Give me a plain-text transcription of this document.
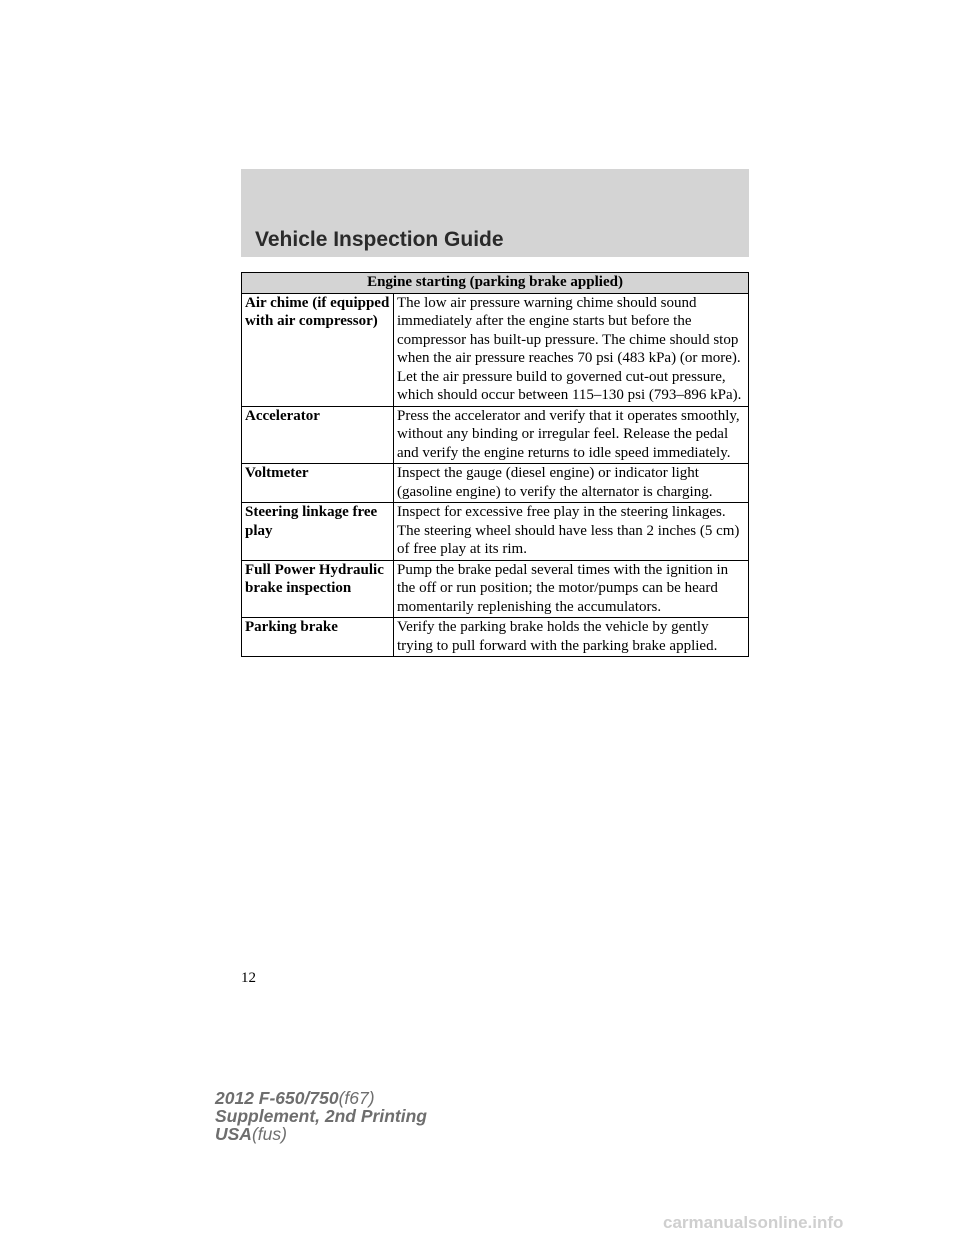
Vehicle Inspection Guide
Engine starting (parking brake applied)	
Air chime (if equipped with air compressor)	The low air pressure warning chime should sound immediately after the engine starts but before the compressor has built-up pressure. The chime should stop when the air pressure reaches 70 psi (483 kPa) (or more). Let the air pressure build to governed cut-out pressure, which should occur between 115–130 psi (793–896 kPa).
Accelerator	Press the accelerator and verify that it operates smoothly, without any binding or irregular feel. Release the pedal and verify the engine returns to idle speed immediately.
Voltmeter	Inspect the gauge (diesel engine) or indicator light (gasoline engine) to verify the alternator is charging.
Steering linkage free play	Inspect for excessive free play in the steering linkages. The steering wheel should have less than 2 inches (5 cm) of free play at its rim.
Full Power Hydraulic brake inspection	Pump the brake pedal several times with the ignition in the off or run position; the motor/pumps can be heard momentarily replenishing the accumulators.
Parking brake	Verify the parking brake holds the vehicle by gently trying to pull forward with the parking brake applied.
12
2012 F-650/750(f67)
Supplement, 2nd Printing
USA(fus)
carmanualsonline.info
